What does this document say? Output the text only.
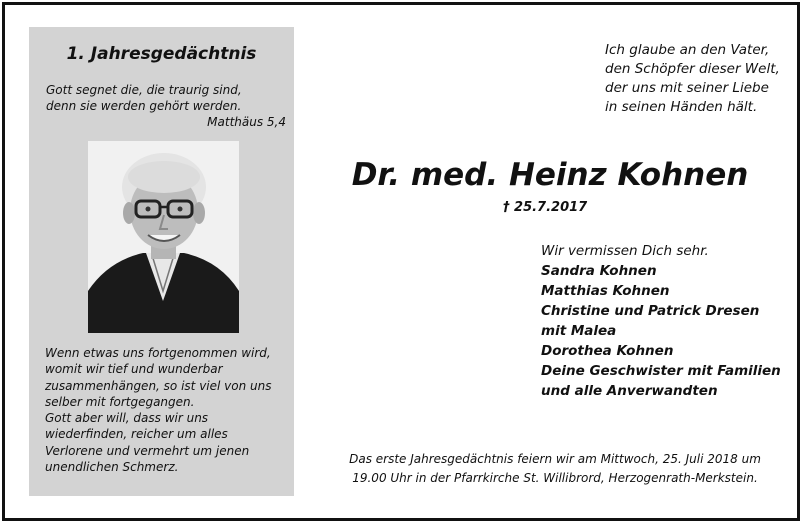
1. Jahresgedächtnis
Gott segnet die, die traurig sind,
denn sie werden gehört werden.
Matthäus 5,4
Wenn etwas uns fortgenommen wird,
womit wir tief und wunderbar
zusammenhängen, so ist viel von uns
selber mit fortgegangen.
Gott aber will, dass wir uns
wiederfinden, reicher um alles
Verlorene und vermehrt um jenen
unendlichen Schmerz.
Ich glaube an den Vater,
den Schöpfer dieser Welt,
der uns mit seiner Liebe
in seinen Händen hält.
Dr. med. Heinz Kohnen
† 25.7.2017
Wir vermissen Dich sehr.
Sandra Kohnen
Matthias Kohnen
Christine und Patrick Dresen
mit Malea
Dorothea Kohnen
Deine Geschwister mit Familien
und alle Anverwandten
Das erste Jahresgedächtnis feiern wir am Mittwoch, 25. Juli 2018 um
19.00 Uhr in der Pfarrkirche St. Willibrord, Herzogenrath-Merkstein.
